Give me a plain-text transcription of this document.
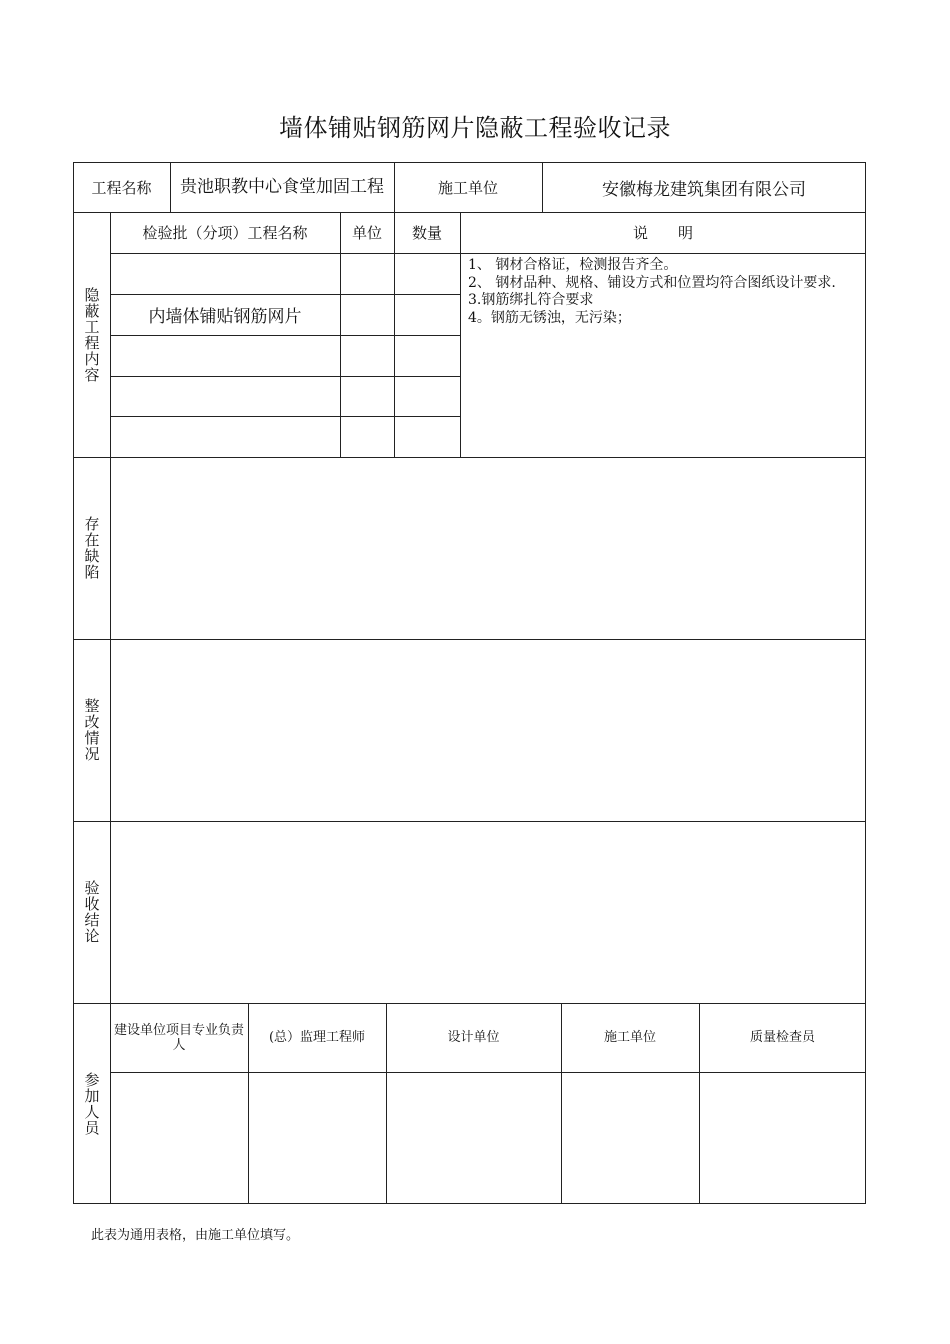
墙体铺贴钢筋网片隐蔽工程验收记录
工程名称	贵池职教中心食堂加固工程	施工单位	安徽梅龙建筑集团有限公司
隐蔽工程内容
检验批（分项）工程名称	单位	数量	说　　明
内墙体铺贴钢筋网片
1、 钢材合格证，检测报告齐全。
2、 钢材品种、规格、铺设方式和位置均符合图纸设计要求.
3.钢筋绑扎符合要求
4。钢筋无锈浊，无污染；
存在缺陷
整改情况
验收结论
参加人员
建设单位项目专业负责人	(总）监理工程师	设计单位	施工单位	质量检查员
此表为通用表格，由施工单位填写。
